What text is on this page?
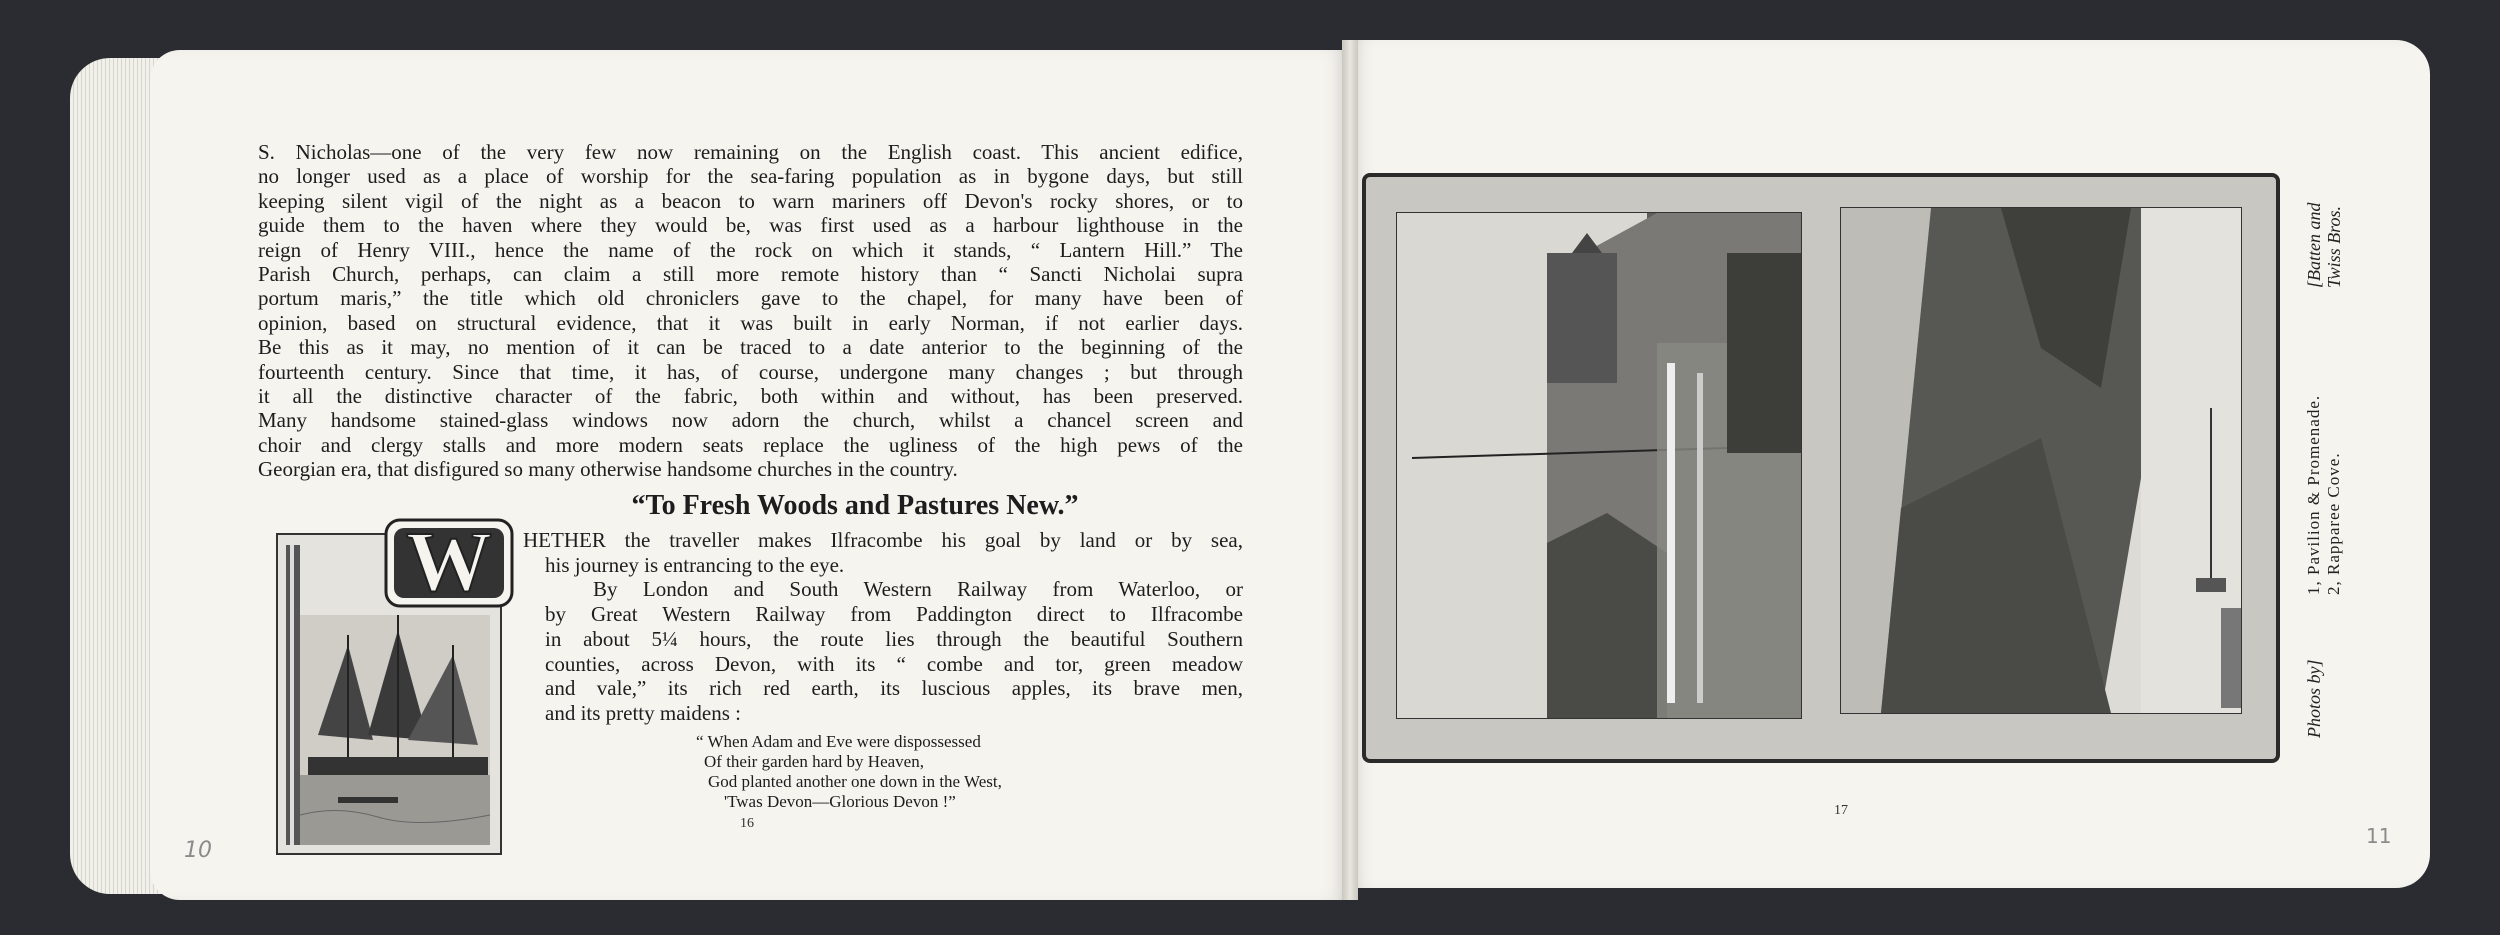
S. Nicholas—one of the very few now remaining on the English coast. This ancient edifice,
no longer used as a place of worship for the sea-faring population as in bygone days, but still
keeping silent vigil of the night as a beacon to warn mariners off Devon's rocky shores, or to
guide them to the haven where they would be, was first used as a harbour lighthouse in the
reign of Henry VIII., hence the name of the rock on which it stands, “ Lantern Hill.” The
Parish Church, perhaps, can claim a still more remote history than “ Sancti Nicholai supra
portum maris,” the title which old chroniclers gave to the chapel, for many have been of
opinion, based on structural evidence, that it was built in early Norman, if not earlier days.
Be this as it may, no mention of it can be traced to a date anterior to the beginning of the
fourteenth century. Since that time, it has, of course, undergone many changes ; but through
it all the distinctive character of the fabric, both within and without, has been preserved.
Many handsome stained-glass windows now adorn the church, whilst a chancel screen and
choir and clergy stalls and more modern seats replace the ugliness of the high pews of the
Georgian era, that disfigured so many otherwise handsome churches in the country.
“To Fresh Woods and Pastures New.”
W HETHER the traveller makes Ilfracombe his goal by land or by sea,
his journey is entrancing to the eye.
By London and South Western Railway from Waterloo, or
by Great Western Railway from Paddington direct to Ilfracombe
in about 5¼ hours, the route lies through the beautiful Southern
counties, across Devon, with its “ combe and tor, green meadow
and vale,” its rich red earth, its luscious apples, its brave men,
and its pretty maidens :
“ When Adam and Eve were dispossessed
Of their garden hard by Heaven,
God planted another one down in the West,
'Twas Devon—Glorious Devon !”
16
10
Photos by]
1, Pavilion & Promenade. 2, Rapparee Cove.
[Batten and Twiss Bros.
17
11
